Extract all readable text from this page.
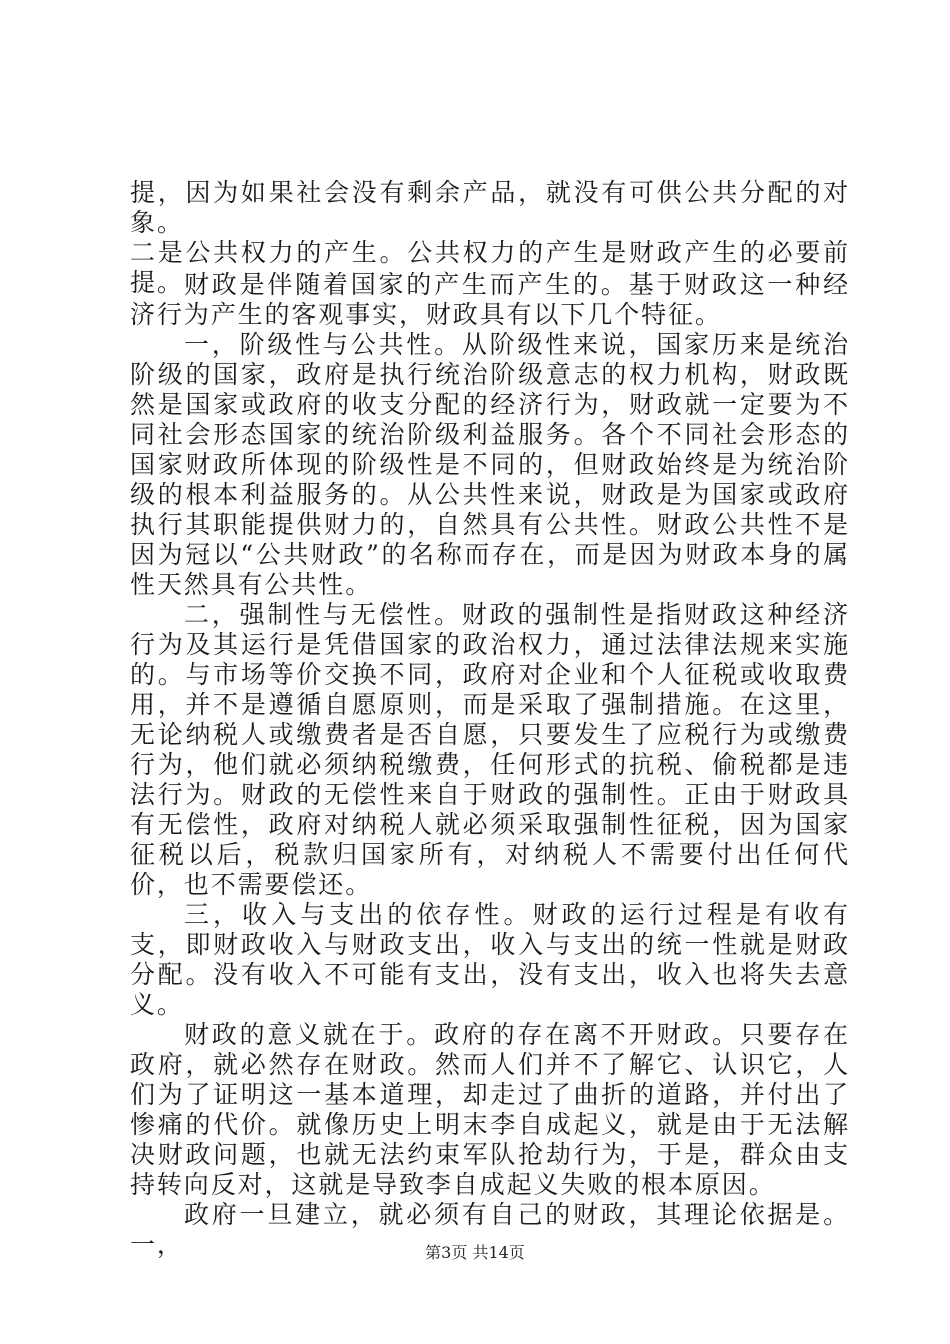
提，因为如果社会没有剩余产品，就没有可供公共分配的对象。

二是公共权力的产生。公共权力的产生是财政产生的必要前提。 财政是伴随着国家的产生而产生的。基于财政这一种经济行为产生的客观事实，财政具有以下几个特征。

一，阶级性与公共性。从阶级性来说，国家历来是统治阶级的国家，政府是执行统治阶级意志的权力机构，财政既然是国家或政府的收支分配的经济行为，财政就一定要为不同社会形态国家的统治阶级利益服务。各个不同社会形态的国家财政所体现的阶级性是不同的，但财政始终是为统治阶级的根本利益服务的。从公共性来说，财政是为国家或政府执行其职能提供财力的，自然具有公共性。财政公共性不是因为冠以“公共财政”的名称而存在，而是因为财政本身的属性天然具有公共性。

二，强制性与无偿性。财政的强制性是指财政这种经济行为及其运行是凭借国家的政治权力，通过法律法规来实施的。与市场等价交换不同，政府对企业和个人征税或收取费用，并不是遵循自愿原则，而是采取了强制措施。在这里，无论纳税人或缴费者是否自愿，只要发生了应税行为或缴费行为，他们就必须纳税缴费，任何形式的抗税、偷税都是违法行为。财政的无偿性来自于财政的强制性。正由于财政具有无偿性，政府对纳税人就必须采取强制性征税，因为国家征税以后，税款归国家所有，对纳税人不需要付出任何代价，也不需要偿还。

三，收入与支出的依存性。财政的运行过程是有收有支，即财政收入与财政支出，收入与支出的统一性就是财政分配。没有收入不可能有支出，没有支出，收入也将失去意义。

财政的意义就在于。政府的存在离不开财政。只要存在政府，就必然存在财政。然而人们并不了解它、认识它，人们为了证明这一基本道理，却走过了曲折的道路，并付出了惨痛的代价。就像历史上明末李自成起义，就是由于无法解决财政问题，也就无法约束军队抢劫行为，于是，群众由支持转向反对，这就是导致李自成起义失败的根本原因。

政府一旦建立，就必须有自己的财政，其理论依据是。一，	第3页 共14页
